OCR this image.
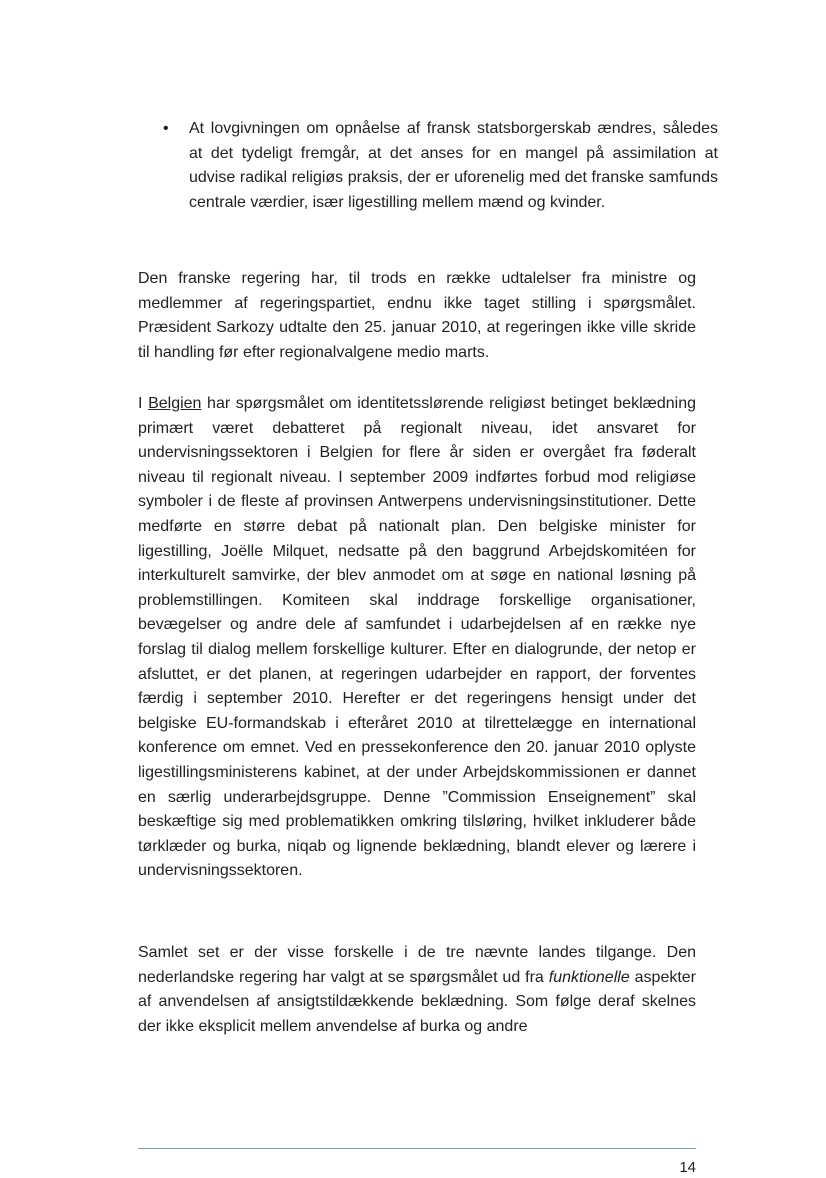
• At lovgivningen om opnåelse af fransk statsborgerskab ændres, således at det tydeligt fremgår, at det anses for en mangel på assimilation at udvise radikal religiøs praksis, der er uforenelig med det franske samfunds centrale værdier, især ligestilling mellem mænd og kvinder.
Den franske regering har, til trods en række udtalelser fra ministre og medlemmer af regeringspartiet, endnu ikke taget stilling i spørgsmålet. Præsident Sarkozy udtalte den 25. januar 2010, at regeringen ikke ville skride til handling før efter regionalvalgene medio marts.
I Belgien har spørgsmålet om identitetsslørende religiøst betinget beklædning primært været debatteret på regionalt niveau, idet ansvaret for undervisningssektoren i Belgien for flere år siden er overgået fra føderalt niveau til regionalt niveau. I september 2009 indførtes forbud mod religiøse symboler i de fleste af provinsen Antwerpens undervisningsinstitutioner. Dette medførte en større debat på nationalt plan. Den belgiske minister for ligestilling, Joëlle Milquet, nedsatte på den baggrund Arbejdskomitéen for interkulturelt samvirke, der blev anmodet om at søge en national løsning på problemstillingen. Komiteen skal inddrage forskellige organisationer, bevægelser og andre dele af samfundet i udarbejdelsen af en række nye forslag til dialog mellem forskellige kulturer. Efter en dialogrunde, der netop er afsluttet, er det planen, at regeringen udarbejder en rapport, der forventes færdig i september 2010. Herefter er det regeringens hensigt under det belgiske EU-formandskab i efteråret 2010 at tilrettelægge en international konference om emnet. Ved en pressekonference den 20. januar 2010 oplyste ligestillingsministerens kabinet, at der under Arbejdskommissionen er dannet en særlig underarbejdsgruppe. Denne ”Commission Enseignement” skal beskæftige sig med problematikken omkring tilsløring, hvilket inkluderer både tørklæder og burka, niqab og lignende beklædning, blandt elever og lærere i undervisningssektoren.
Samlet set er der visse forskelle i de tre nævnte landes tilgange. Den nederlandske regering har valgt at se spørgsmålet ud fra funktionelle aspekter af anvendelsen af ansigtstildækkende beklædning. Som følge deraf skelnes der ikke eksplicit mellem anvendelse af burka og andre
14
